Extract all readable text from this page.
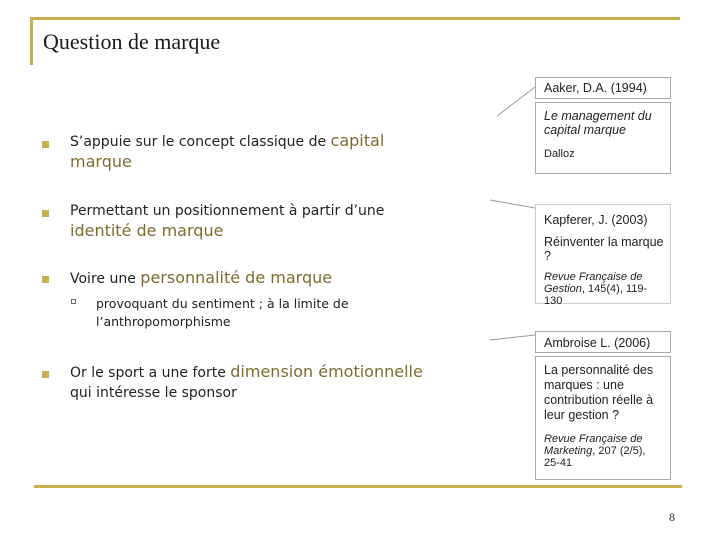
Question de marque
S’appuie sur le concept classique de capital marque
Permettant un positionnement à partir d’une identité de marque
Voire une personnalité de marque
provoquant du sentiment ; à la limite de l’anthropomorphisme
Or le sport a une forte dimension émotionnelle
qui intéresse le sponsor
Aaker, D.A. (1994)
Le management du capital marque
Dalloz
Kapferer, J. (2003)
Réinventer la marque ?
Revue Française de Gestion, 145(4), 119-130
Ambroise L. (2006)
La personnalité des marques : une contribution réelle à leur gestion ?
Revue Française de Marketing, 207 (2/5), 25-41
8
